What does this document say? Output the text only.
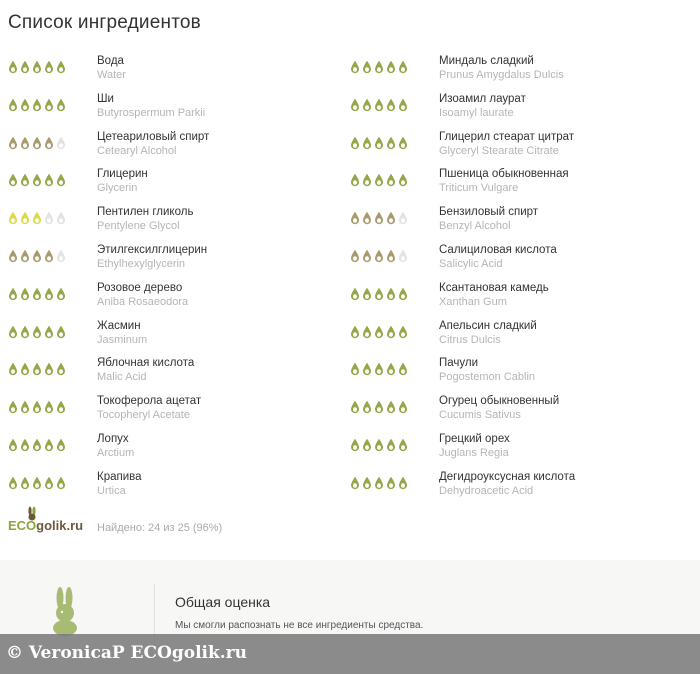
Список ингредиентов
Вода
Water
Ши
Butyrospermum Parkii
Цетеариловый спирт
Cetearyl Alcohol
Глицерин
Glycerin
Пентилен гликоль
Pentylene Glycol
Этилгексилглицерин
Ethylhexylglycerin
Розовое дерево
Aniba Rosaeodora
Жасмин
Jasminum
Яблочная кислота
Malic Acid
Токоферола ацетат
Tocopheryl Acetate
Лопух
Arctium
Крапива
Urtica
Миндаль сладкий
Prunus Amygdalus Dulcis
Изоамил лаурат
Isoamyl laurate
Глицерил стеарат цитрат
Glyceryl Stearate Citrate
Пшеница обыкновенная
Triticum Vulgare
Бензиловый спирт
Benzyl Alcohol
Салициловая кислота
Salicylic Acid
Ксантановая камедь
Xanthan Gum
Апельсин сладкий
Citrus Dulcis
Пачули
Pogostemon Cablin
Огурец обыкновенный
Cucumis Sativus
Грецкий орех
Juglans Regia
Дегидроуксусная кислота
Dehydroacetic Acid
ECOgolik.ru Найдено: 24 из 25 (96%)
Общая оценка
Мы смогли распознать не все ингредиенты средства.
© VeronicaP ECOgolik.ru
